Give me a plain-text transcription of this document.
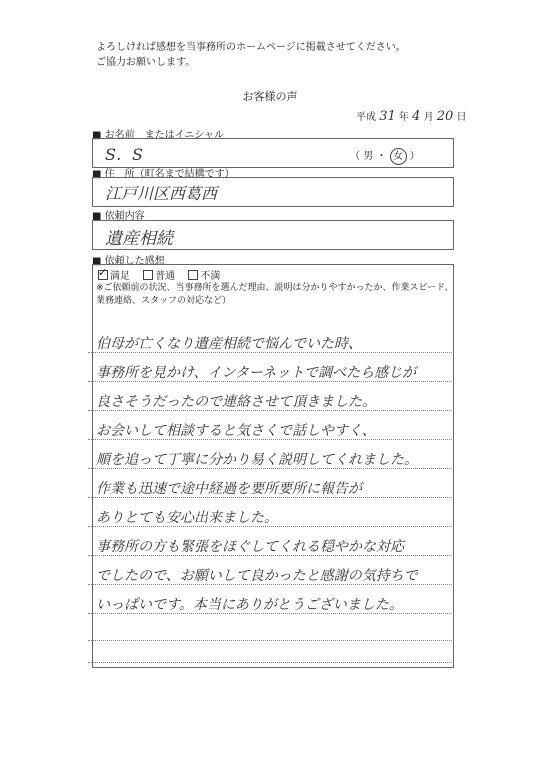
よろしければ感想を当事務所のホームページに掲載させてください。
ご協力お願いします。
お客様の声
平成 31 年 4 月 20 日
■ お名前　またはイニシャル
S．S	（ 男 ・ 女 ）
■ 住　所（町名まで結構です）
江戸川区西葛西
■ 依頼内容
遺産相続
■ 依頼した感想
✓満足	普通	不満
※ご依頼前の状況、当事務所を選んだ理由、説明は分かりやすかったか、作業スピード、業務連絡、スタッフの対応など）
伯母が亡くなり遺産相続で悩んでいた時、
事務所を見かけ、インターネットで調べたら感じが
良さそうだったので連絡させて頂きました。
お会いして相談すると気さくで話しやすく、
順を追って丁寧に分かり易く説明してくれました。
作業も迅速で途中経過を要所要所に報告が
ありとても安心出来ました。
事務所の方も緊張をほぐしてくれる穏やかな対応
でしたので、お願いして良かったと感謝の気持ちで
いっぱいです。本当にありがとうございました。
